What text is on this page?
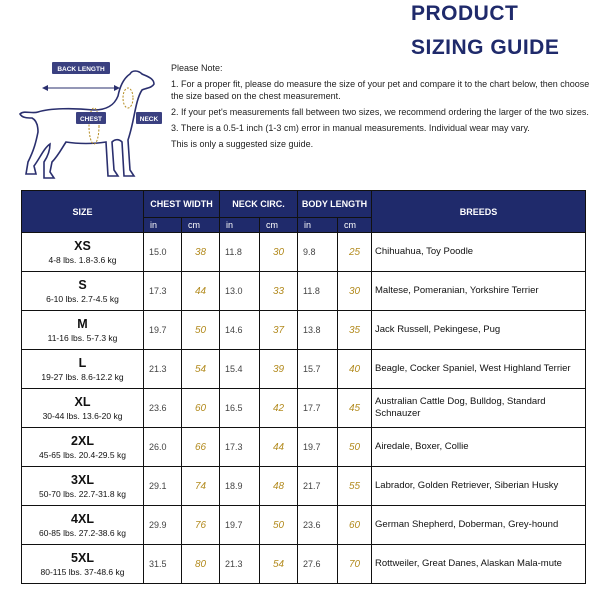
PRODUCT
SIZING GUIDE
BACK LENGTH
CHEST	NECK

Please Note:

1. For a proper fit, please do measure the size of your pet and compare it to the chart below, then choose the size based on the chest measurement.

2. If your pet's measurements fall between two sizes, we recommend ordering the larger of the two sizes.

3. There is a 0.5-1 inch (1-3 cm) error in manual measurements. Individual wear may vary.

This is only a suggested size guide.

SIZE	CHEST WIDTH		NECK CIRC.		BODY LENGTH		BREEDS
	in	cm	in	cm	in	cm	

XS
4-8 lbs. 1.8-3.6 kg	15.0	38	11.8	30	9.8	25	Chihuahua, Toy Poodle

S
6-10 lbs. 2.7-4.5 kg	17.3	44	13.0	33	11.8	30	Maltese, Pomeranian, Yorkshire Terrier

M
11-16 lbs. 5-7.3 kg	19.7	50	14.6	37	13.8	35	Jack Russell, Pekingese, Pug

L
19-27 lbs. 8.6-12.2 kg	21.3	54	15.4	39	15.7	40	Beagle, Cocker Spaniel, West Highland Terrier

XL
30-44 lbs. 13.6-20 kg	23.6	60	16.5	42	17.7	45	Australian Cattle Dog, Bulldog, Standard Schnauzer

2XL
45-65 lbs. 20.4-29.5 kg	26.0	66	17.3	44	19.7	50	Airedale, Boxer, Collie

3XL
50-70 lbs. 22.7-31.8 kg	29.1	74	18.9	48	21.7	55	Labrador, Golden Retriever, Siberian Husky

4XL
60-85 lbs. 27.2-38.6 kg	29.9	76	19.7	50	23.6	60	German Shepherd, Doberman, Grey-hound

5XL
80-115 lbs. 37-48.6 kg	31.5	80	21.3	54	27.6	70	Rottweiler, Great Danes, Alaskan Mala-mute
